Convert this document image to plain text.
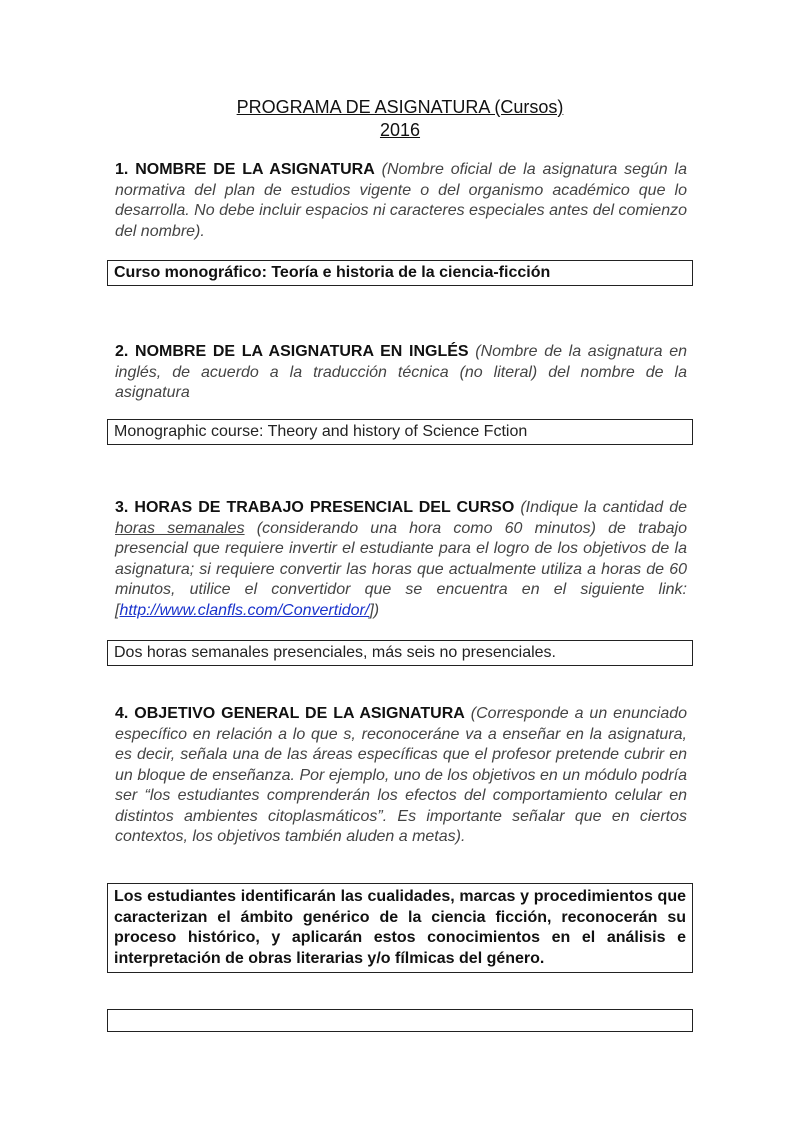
PROGRAMA DE ASIGNATURA (Cursos)
2016
1. NOMBRE DE LA ASIGNATURA (Nombre oficial de la asignatura según la normativa del plan de estudios vigente o del organismo académico que lo desarrolla. No debe incluir espacios ni caracteres especiales antes del comienzo del nombre).
Curso monográfico: Teoría e historia de la ciencia-ficción
2. NOMBRE DE LA ASIGNATURA EN INGLÉS (Nombre de la asignatura en inglés, de acuerdo a la traducción técnica (no literal) del nombre de la asignatura
Monographic course: Theory and history of Science Fction
3. HORAS DE TRABAJO PRESENCIAL DEL CURSO (Indique la cantidad de horas semanales (considerando una hora como 60 minutos) de trabajo presencial que requiere invertir el estudiante para el logro de los objetivos de la asignatura; si requiere convertir las horas que actualmente utiliza a horas de 60 minutos, utilice el convertidor que se encuentra en el siguiente link: [http://www.clanfls.com/Convertidor/])
Dos horas semanales presenciales, más seis no presenciales.
4. OBJETIVO GENERAL DE LA ASIGNATURA (Corresponde a un enunciado específico en relación a lo que s, reconoceráne va a enseñar en la asignatura, es decir, señala una de las áreas específicas que el profesor pretende cubrir en un bloque de enseñanza. Por ejemplo, uno de los objetivos en un módulo podría ser “los estudiantes comprenderán los efectos del comportamiento celular en distintos ambientes citoplasmáticos”. Es importante señalar que en ciertos contextos, los objetivos también aluden a metas).
Los estudiantes identificarán las cualidades, marcas y procedimientos que caracterizan el ámbito genérico de la ciencia ficción, reconocerán su proceso histórico, y aplicarán estos conocimientos en el análisis e interpretación de obras literarias y/o fílmicas del género.
